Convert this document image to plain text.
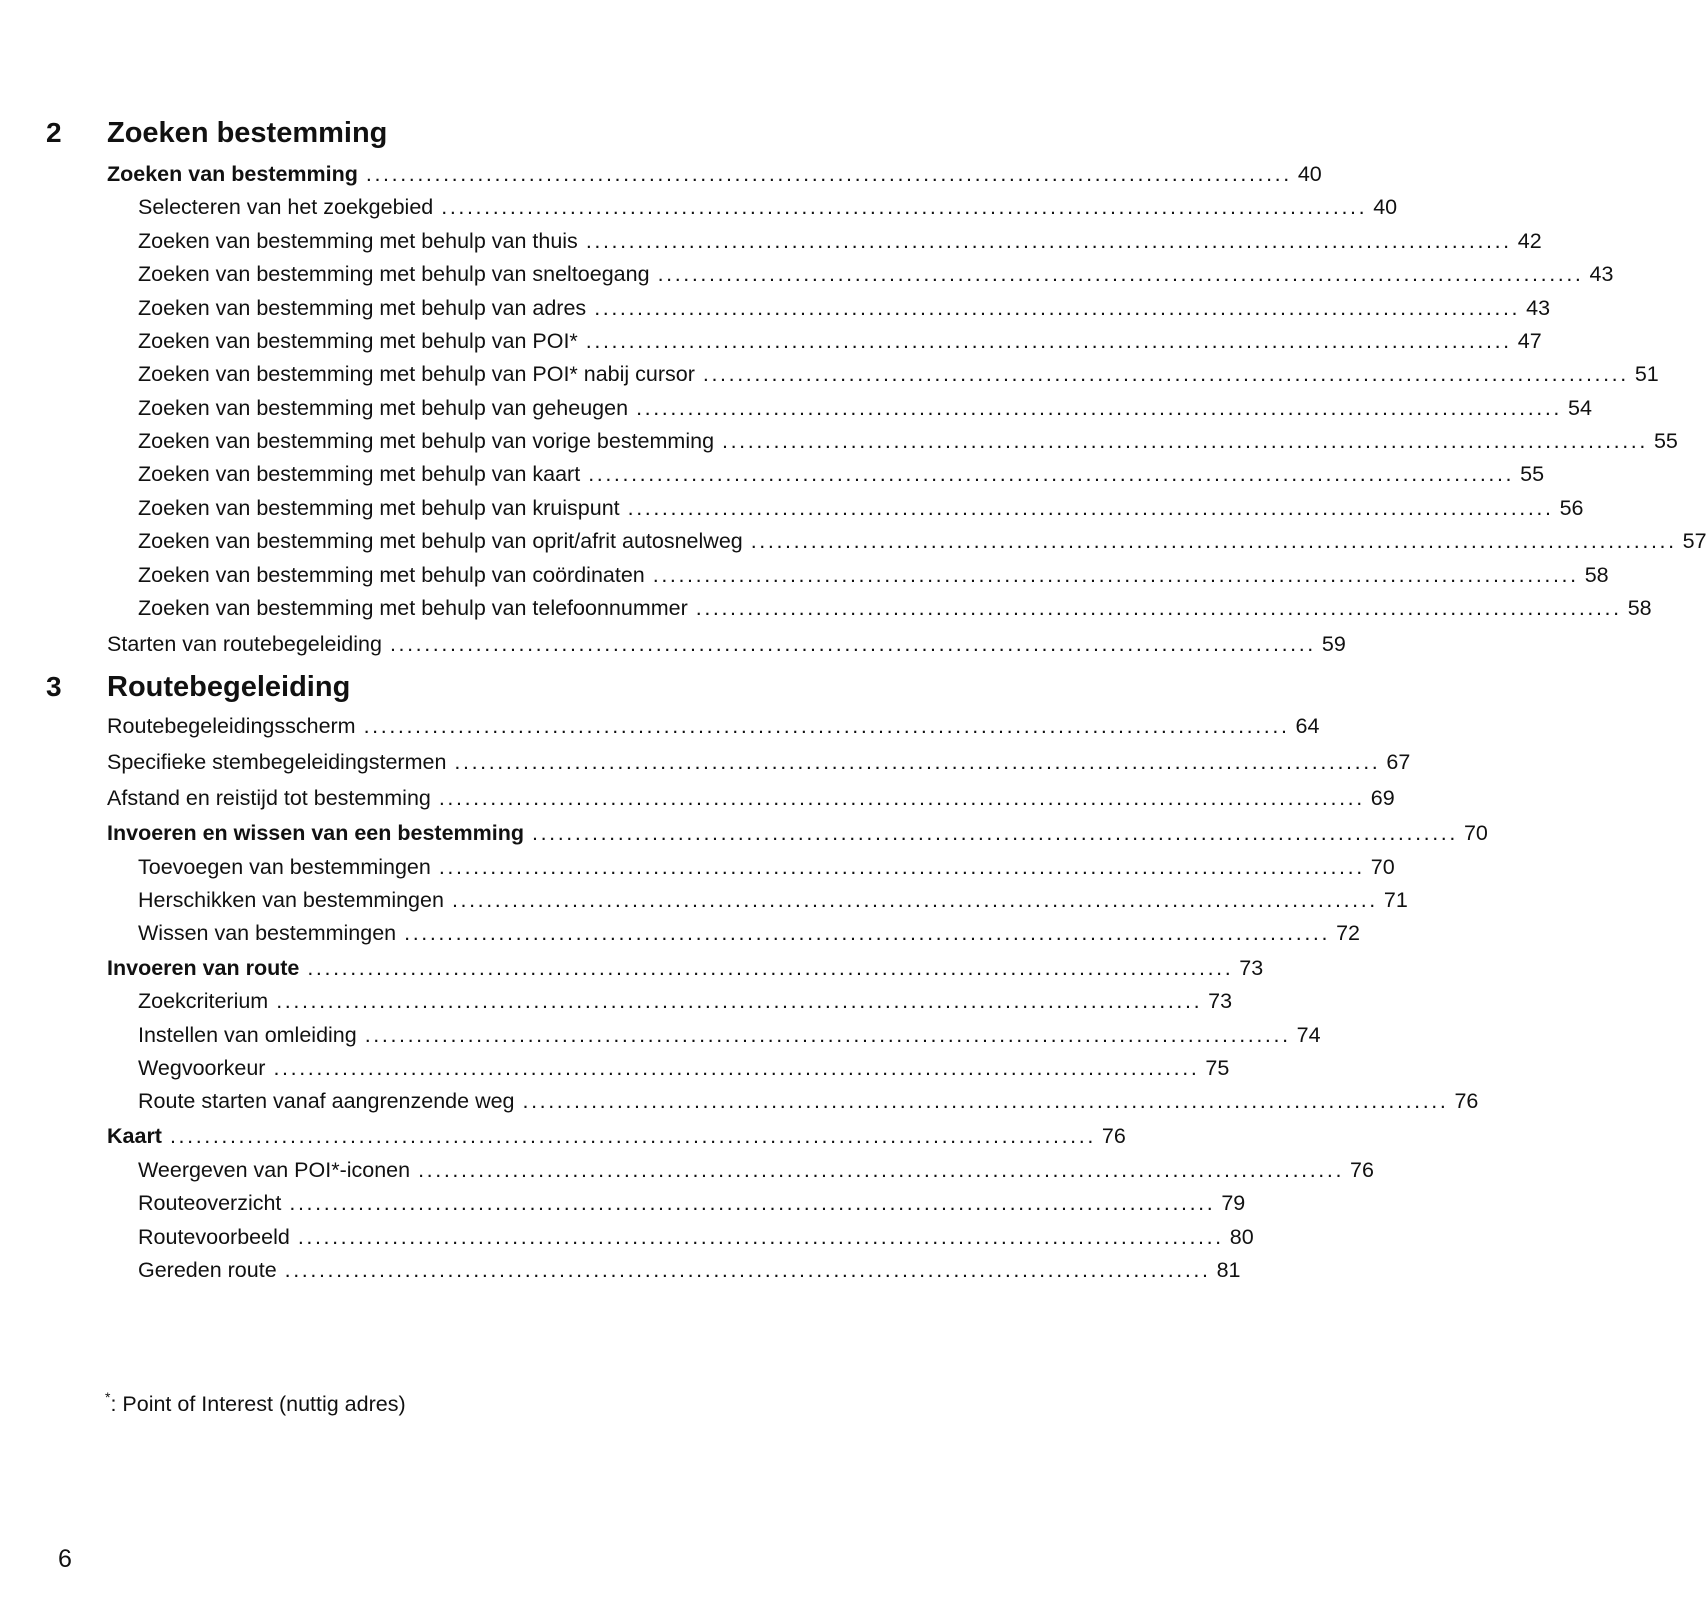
2 Zoeken bestemming
Zoeken van bestemming ............................................................................................................ 40
Selecteren van het zoekgebied ............................................................................................................ 40
Zoeken van bestemming met behulp van thuis ............................................................................................................ 42
Zoeken van bestemming met behulp van sneltoegang ............................................................................................................ 43
Zoeken van bestemming met behulp van adres ............................................................................................................ 43
Zoeken van bestemming met behulp van POI* ............................................................................................................ 47
Zoeken van bestemming met behulp van POI* nabij cursor ............................................................................................................ 51
Zoeken van bestemming met behulp van geheugen ............................................................................................................ 54
Zoeken van bestemming met behulp van vorige bestemming ............................................................................................................ 55
Zoeken van bestemming met behulp van kaart ............................................................................................................ 55
Zoeken van bestemming met behulp van kruispunt ............................................................................................................ 56
Zoeken van bestemming met behulp van oprit/afrit autosnelweg ............................................................................................................ 57
Zoeken van bestemming met behulp van coördinaten ............................................................................................................ 58
Zoeken van bestemming met behulp van telefoonnummer ............................................................................................................ 58
Starten van routebegeleiding ............................................................................................................ 59
3 Routebegeleiding
Routebegeleidingsscherm ............................................................................................................ 64
Specifieke stembegeleidingstermen ............................................................................................................ 67
Afstand en reistijd tot bestemming ............................................................................................................ 69
Invoeren en wissen van een bestemming ............................................................................................................ 70
Toevoegen van bestemmingen ............................................................................................................ 70
Herschikken van bestemmingen ............................................................................................................ 71
Wissen van bestemmingen ............................................................................................................ 72
Invoeren van route ............................................................................................................ 73
Zoekcriterium ............................................................................................................ 73
Instellen van omleiding ............................................................................................................ 74
Wegvoorkeur ............................................................................................................ 75
Route starten vanaf aangrenzende weg ............................................................................................................ 76
Kaart ............................................................................................................ 76
Weergeven van POI*-iconen ............................................................................................................ 76
Routeoverzicht ............................................................................................................ 79
Routevoorbeeld ............................................................................................................ 80
Gereden route ............................................................................................................ 81
*: Point of Interest (nuttig adres)
6
